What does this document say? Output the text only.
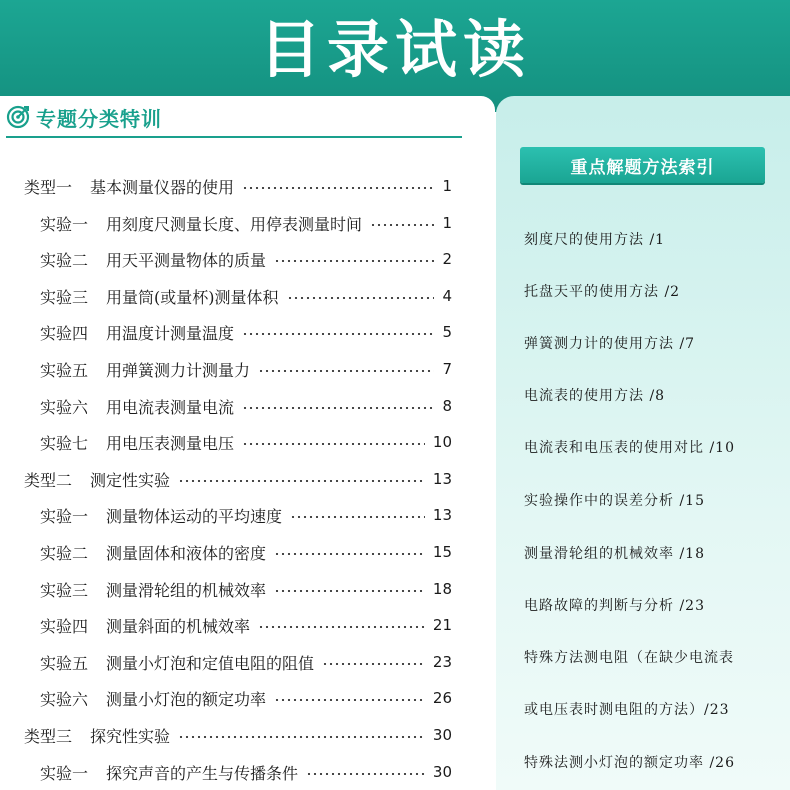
目录试读
专题分类特训
重点解题方法索引
类型一 基本测量仪器的使用	1
实验一 用刻度尺测量长度、用停表测量时间	1
实验二 用天平测量物体的质量	2
实验三 用量筒(或量杯)测量体积	4
实验四 用温度计测量温度	5
实验五 用弹簧测力计测量力	7
实验六 用电流表测量电流	8
实验七 用电压表测量电压	10
类型二 测定性实验	13
实验一 测量物体运动的平均速度	13
实验二 测量固体和液体的密度	15
实验三 测量滑轮组的机械效率	18
实验四 测量斜面的机械效率	21
实验五 测量小灯泡和定值电阻的阻值	23
实验六 测量小灯泡的额定功率	26
类型三 探究性实验	30
实验一 探究声音的产生与传播条件	30
刻度尺的使用方法 /1
托盘天平的使用方法 /2
弹簧测力计的使用方法 /7
电流表的使用方法 /8
电流表和电压表的使用对比 /10
实验操作中的误差分析 /15
测量滑轮组的机械效率 /18
电路故障的判断与分析 /23
特殊方法测电阻（在缺少电流表
或电压表时测电阻的方法）/23
特殊法测小灯泡的额定功率 /26
